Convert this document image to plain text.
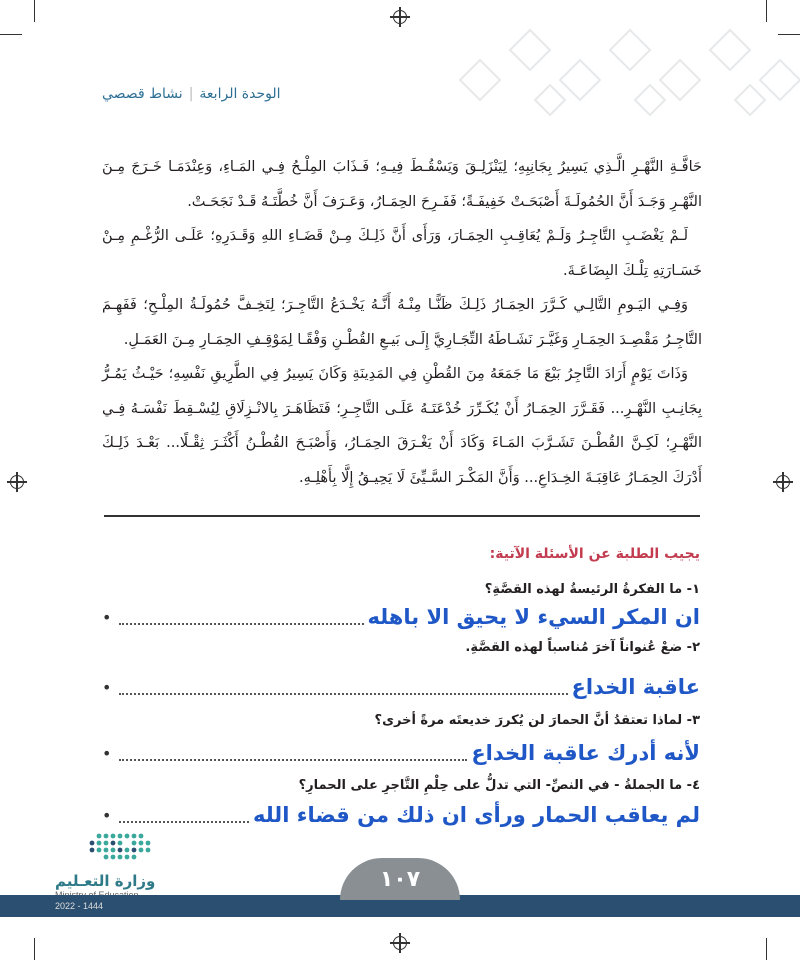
الوحدة الرابعة|نشاط قصصي

حَافَّـةِ النَّهْـرِ الَّـذِي يَسِيرُ بِجَانِبِهِ؛ لِيَنْزَلِـقَ وَيَسْقُـطَ فِيـهِ؛ فَـذَابَ المِلْـحُ فِـي المَـاءِ، وَعِنْدَمَـا خَـرَجَ مِـنَ النَّهْـرِ وَجَـدَ أَنَّ الحُمُولَـةَ أَصْبَحَـتْ خَفِيفَـةً؛ فَفَـرِحَ الحِمَـارُ، وَعَـرَفَ أَنَّ خُطَّتَـهُ قَـدْ نَجَحَـتْ.

لَـمْ يَغْضَـبِ التَّاجِـرُ وَلَـمْ يُعَاقِـبِ الحِمَـارَ، وَرَأَى أَنَّ ذَلِـكَ مِـنْ قَضَـاءِ اللهِ وَقَـدَرِهِ؛ عَلَـى الرُّغْـمِ مِـنْ خَسَـارَتِهِ تِلْـكَ البِضَاعَـةَ.

وَفِـي اليَـومِ التَّالِـي كَـرَّرَ الحِمَـارُ ذَلِـكَ ظَنًّـا مِنْـهُ أَنَّـهُ يَخْـدَعُ التَّاجِـرَ؛ لِتَخِـفَّ حُمُولَـةُ المِلْـحِ؛ فَفَهِـمَ التَّاجِـرُ مَقْصِـدَ الحِمَـارِ وَغَيَّـرَ نَشَـاطَهُ التِّجَـارِيَّ إِلَـى بَيـعِ القُطْـنِ وَفْقًـا لِمَوْقِـفِ الحِمَـارِ مِـنَ العَمَـلِ.

وَذَاتَ يَوْمٍ أَرَادَ التَّاجِرُ بَيْعَ مَا جَمَعَهُ مِنَ القُطْنِ فِي المَدِينَةِ وَكَانَ يَسِيرُ فِي الطَّرِيقِ نَفْسِهِ؛ حَيْـثُ يَمُـرُّ بِجَانِـبِ النَّهْـرِ... فَقَـرَّرَ الحِمَـارُ أَنْ يُكَـرِّرَ خُدْعَتَـهُ عَلَـى التَّاجِـرِ؛ فَتَظَاهَـرَ بِالانْـزِلَاقِ لِيُسْـقِطَ نَفْسَـهُ فِـي النَّهْـرِ؛ لَكِـنَّ القُطْـنَ تَشَـرَّبَ المَـاءَ وَكَادَ أَنْ يَغْـرَقَ الحِمَـارُ، وَأَصْبَـحَ القُطْـنُ أَكْثَـرَ ثِقْـلًا... بَعْـدَ ذَلِـكَ أَدْرَكَ الحِمَـارُ عَاقِبَـةَ الخِـدَاعِ... وَأَنَّ المَكْـرَ السَّـيِّئَ لَا يَحِيـقُ إِلَّا بِأَهْلِـهِ.

يجيب الطلبة عن الأسئلة الآتية:
١- ما الفكرةُ الرئيسةُ لهذه القصَّةِ؟
ان المكر السيء لا يحيق الا باهله
•
٢- ضعْ عُنواناً آخرَ مُناسباً لهذه القصَّةِ.
عاقبة الخداع
•
٣- لماذا تعتقدُ أنَّ الحمارَ لن يُكررَ خديعتَه مرةً أخرى؟
لأنه أدرك عاقبة الخداع
•
٤- ما الجملةُ - في النصِّ- التي تدلُّ على حِلْمِ التَّاجرِ على الحمارِ؟
لم يعاقب الحمار ورأى ان ذلك من قضاء الله
•
وزارة التعـليم
2022 - 1444
١٠٧
